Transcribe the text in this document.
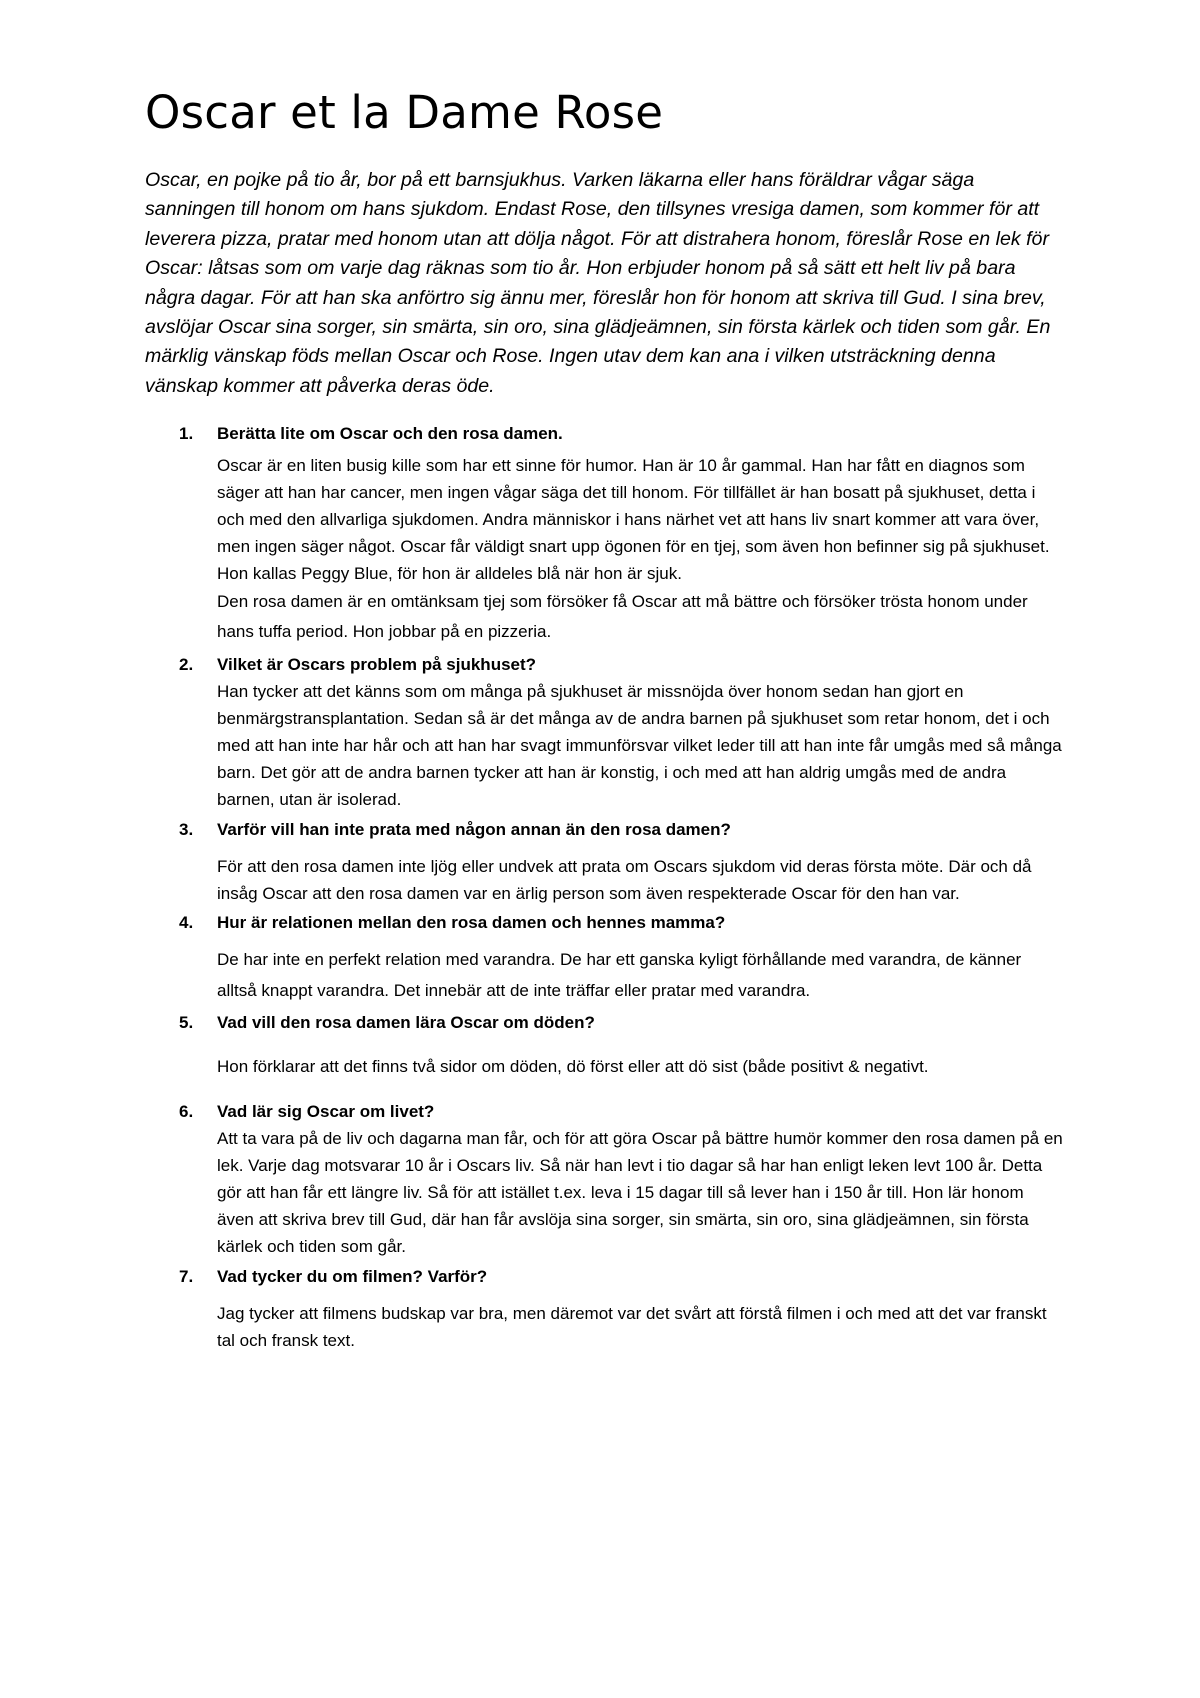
Oscar et la Dame Rose

Oscar, en pojke på tio år, bor på ett barnsjukhus. Varken läkarna eller hans föräldrar vågar säga sanningen till honom om hans sjukdom. Endast Rose, den tillsynes vresiga damen, som kommer för att leverera pizza, pratar med honom utan att dölja något. För att distrahera honom, föreslår Rose en lek för Oscar: låtsas som om varje dag räknas som tio år. Hon erbjuder honom på så sätt ett helt liv på bara några dagar. För att han ska anförtro sig ännu mer, föreslår hon för honom att skriva till Gud. I sina brev, avslöjar Oscar sina sorger, sin smärta, sin oro, sina glädjeämnen, sin första kärlek och tiden som går. En märklig vänskap föds mellan Oscar och Rose. Ingen utav dem kan ana i vilken utsträckning denna vänskap kommer att påverka deras öde.

1. Berätta lite om Oscar och den rosa damen.

Oscar är en liten busig kille som har ett sinne för humor. Han är 10 år gammal. Han har fått en diagnos som säger att han har cancer, men ingen vågar säga det till honom. För tillfället är han bosatt på sjukhuset, detta i och med den allvarliga sjukdomen. Andra människor i hans närhet vet att hans liv snart kommer att vara över, men ingen säger något. Oscar får väldigt snart upp ögonen för en tjej, som även hon befinner sig på sjukhuset. Hon kallas Peggy Blue, för hon är alldeles blå när hon är sjuk.

Den rosa damen är en omtänksam tjej som försöker få Oscar att må bättre och försöker trösta honom under hans tuffa period. Hon jobbar på en pizzeria.

2. Vilket är Oscars problem på sjukhuset?

Han tycker att det känns som om många på sjukhuset är missnöjda över honom sedan han gjort en benmärgstransplantation. Sedan så är det många av de andra barnen på sjukhuset som retar honom, det i och med att han inte har hår och att han har svagt immunförsvar vilket leder till att han inte får umgås med så många barn. Det gör att de andra barnen tycker att han är konstig, i och med att han aldrig umgås med de andra barnen, utan är isolerad.

3. Varför vill han inte prata med någon annan än den rosa damen?

För att den rosa damen inte ljög eller undvek att prata om Oscars sjukdom vid deras första möte. Där och då insåg Oscar att den rosa damen var en ärlig person som även respekterade Oscar för den han var.

4. Hur är relationen mellan den rosa damen och hennes mamma?

De har inte en perfekt relation med varandra. De har ett ganska kyligt förhållande med varandra, de känner alltså knappt varandra. Det innebär att de inte träffar eller pratar med varandra.

5. Vad vill den rosa damen lära Oscar om döden?

Hon förklarar att det finns två sidor om döden, dö först eller att dö sist (både positivt & negativt.

6. Vad lär sig Oscar om livet?

Att ta vara på de liv och dagarna man får, och för att göra Oscar på bättre humör kommer den rosa damen på en lek. Varje dag motsvarar 10 år i Oscars liv. Så när han levt i tio dagar så har han enligt leken levt 100 år. Detta gör att han får ett längre liv. Så för att istället t.ex. leva i 15 dagar till så lever han i 150 år till. Hon lär honom även att skriva brev till Gud, där han får avslöja sina sorger, sin smärta, sin oro, sina glädjeämnen, sin första kärlek och tiden som går.

7. Vad tycker du om filmen? Varför?

Jag tycker att filmens budskap var bra, men däremot var det svårt att förstå filmen i och med att det var franskt tal och fransk text.
